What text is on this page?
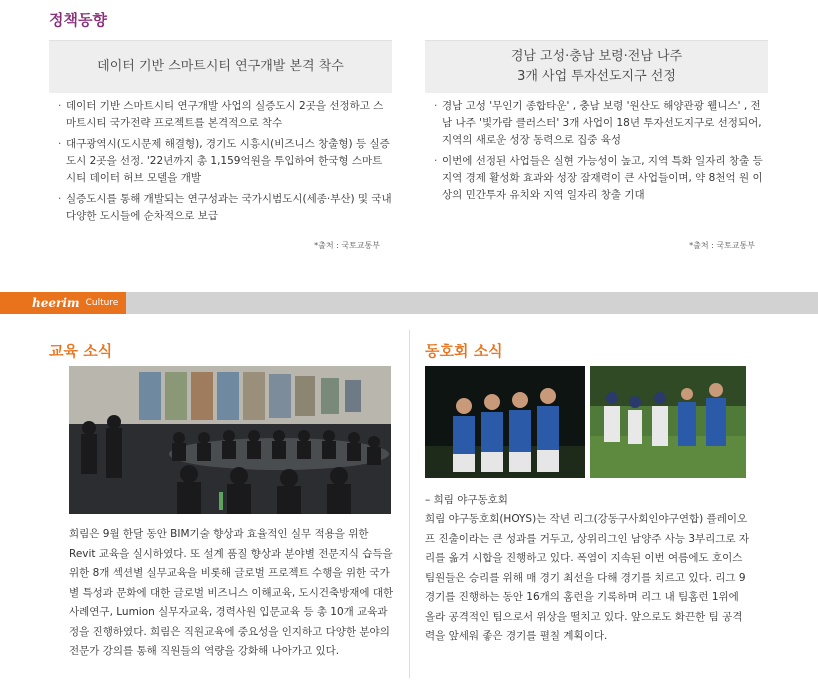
정책동향
데이터 기반 스마트시티 연구개발 본격 착수
· 데이터 기반 스마트시티 연구개발 사업의 실증도시 2곳을 선정하고 스마트시티 국가전략 프로젝트를 본격적으로 착수
· 대구광역시(도시문제 해결형), 경기도 시흥시(비즈니스 창출형) 등 실증도시 2곳을 선정. '22년까지 총 1,159억원을 투입하여 한국형 스마트시티 데이터 허브 모델을 개발
· 실증도시를 통해 개발되는 연구성과는 국가시범도시(세종·부산) 및 국내 다양한 도시들에 순차적으로 보급
*출처 : 국토교통부
경남 고성·충남 보령·전남 나주
3개 사업 투자선도지구 선정
· 경남 고성 '무인기 종합타운' , 충남 보령 '원산도 해양관광 웰니스' , 전남 나주 '빛가람 클러스터' 3개 사업이 18년 투자선도지구로 선정되어, 지역의 새로운 성장 동력으로 집중 육성
· 이번에 선정된 사업들은 실현 가능성이 높고, 지역 특화 일자리 창출 등 지역 경제 활성화 효과와 성장 잠재력이 큰 사업들이며, 약 8천억 원 이상의 민간투자 유치와 지역 일자리 창출 기대
*출처 : 국토교통부
heerim Culture
교육 소식
희림은 9월 한달 동안 BIM기술 향상과 효율적인 실무 적용을 위한 Revit 교육을 실시하였다. 또 설계 품질 향상과 분야별 전문지식 습득을 위한 8개 섹션별 실무교육을 비롯해 글로벌 프로젝트 수행을 위한 국가별 특성과 문화에 대한 글로벌 비즈니스 이해교육, 도시건축방재에 대한 사례연구, Lumion 실무자교육, 경력사원 입문교육 등 총 10개 교육과정을 진행하였다. 희림은 직원교육에 중요성을 인지하고 다양한 분야의 전문가 강의를 통해 직원들의 역량을 강화해 나아가고 있다.
동호회 소식
– 희림 야구동호회
희림 야구동호회(HOYS)는 작년 리그(강동구사회인야구연합) 플레이오프 진출이라는 큰 성과를 거두고, 상위리그인 남양주 사능 3부리그로 자리를 옮겨 시합을 진행하고 있다. 폭염이 지속된 이번 여름에도 호이스 팀원들은 승리를 위해 매 경기 최선을 다해 경기를 치르고 있다. 리그 9경기를 진행하는 동안 16개의 홈런을 기록하며 리그 내 팀홈런 1위에 올라 공격적인 팀으로서 위상을 떨치고 있다. 앞으로도 화끈한 팀 공격력을 앞세워 좋은 경기를 펼칠 계획이다.
